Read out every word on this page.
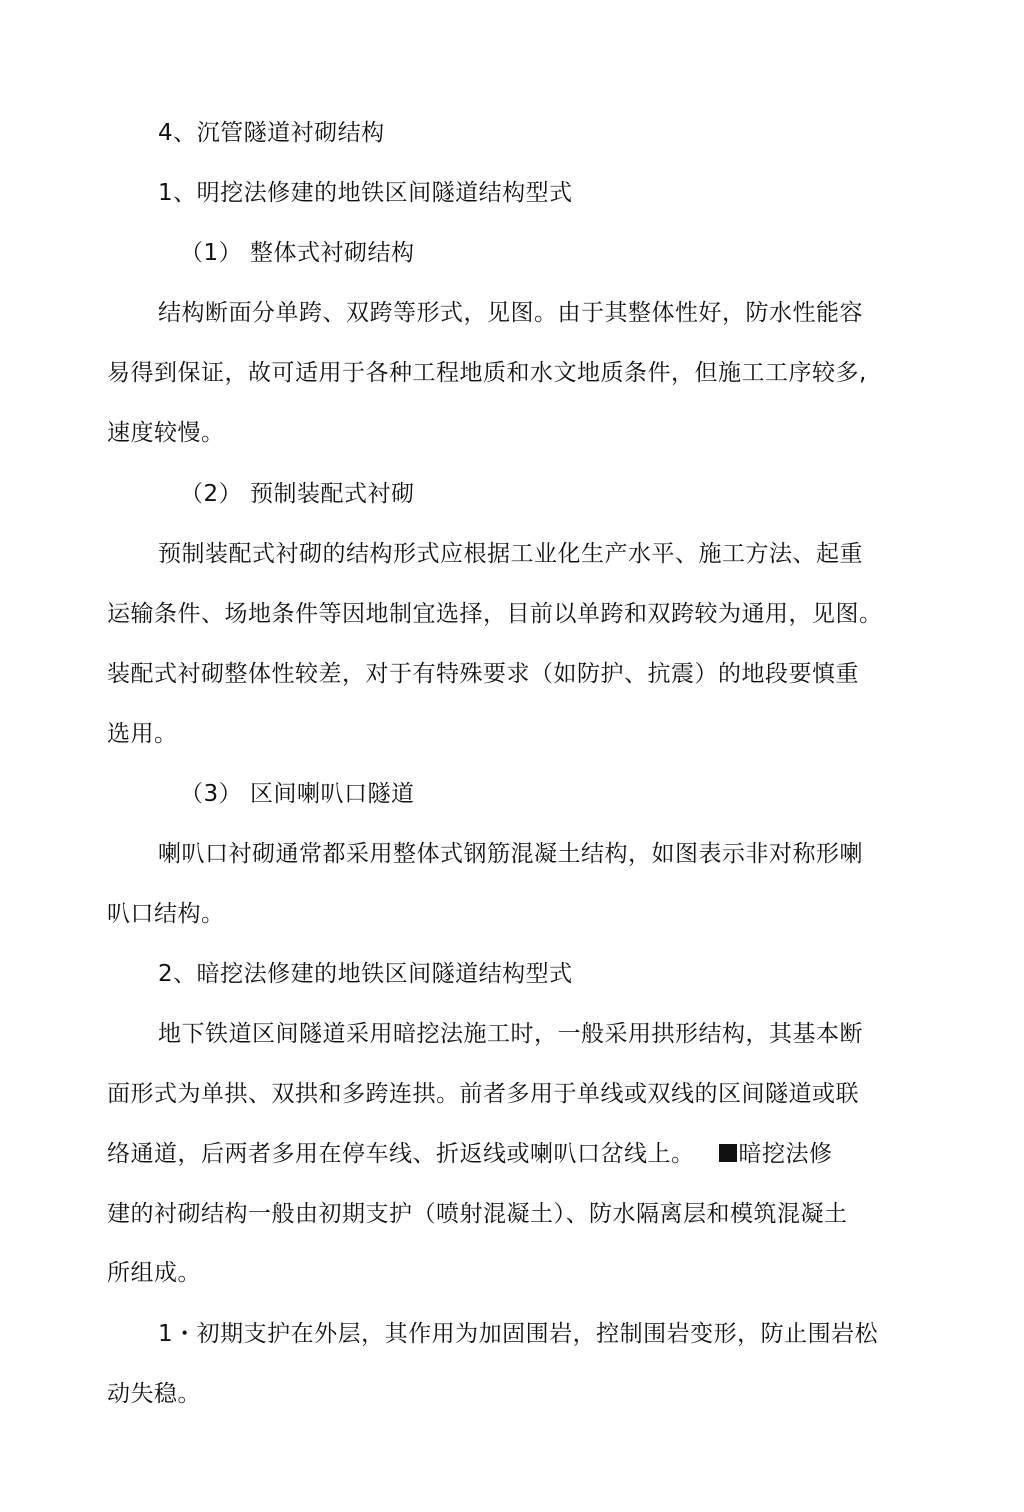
4、沉管隧道衬砌结构
1、明挖法修建的地铁区间隧道结构型式
（1） 整体式衬砌结构
结构断面分单跨、双跨等形式，见图。由于其整体性好，防水性能容
易得到保证，故可适用于各种工程地质和水文地质条件，但施工工序较多,
速度较慢。
（2） 预制装配式衬砌
预制装配式衬砌的结构形式应根据工业化生产水平、施工方法、起重
运输条件、场地条件等因地制宜选择，目前以单跨和双跨较为通用，见图。
装配式衬砌整体性较差，对于有特殊要求（如防护、抗震）的地段要慎重
选用。
（3） 区间喇叭口隧道
喇叭口衬砌通常都采用整体式钢筋混凝土结构，如图表示非对称形喇
叭口结构。
2、暗挖法修建的地铁区间隧道结构型式
地下铁道区间隧道采用暗挖法施工时，一般采用拱形结构，其基本断
面形式为单拱、双拱和多跨连拱。前者多用于单线或双线的区间隧道或联
络通道，后两者多用在停车线、折返线或喇叭口岔线上。 暗挖法修
建的衬砌结构一般由初期支护（喷射混凝土）、防水隔离层和模筑混凝土
所组成。
1・初期支护在外层，其作用为加固围岩，控制围岩变形，防止围岩松
动失稳。
